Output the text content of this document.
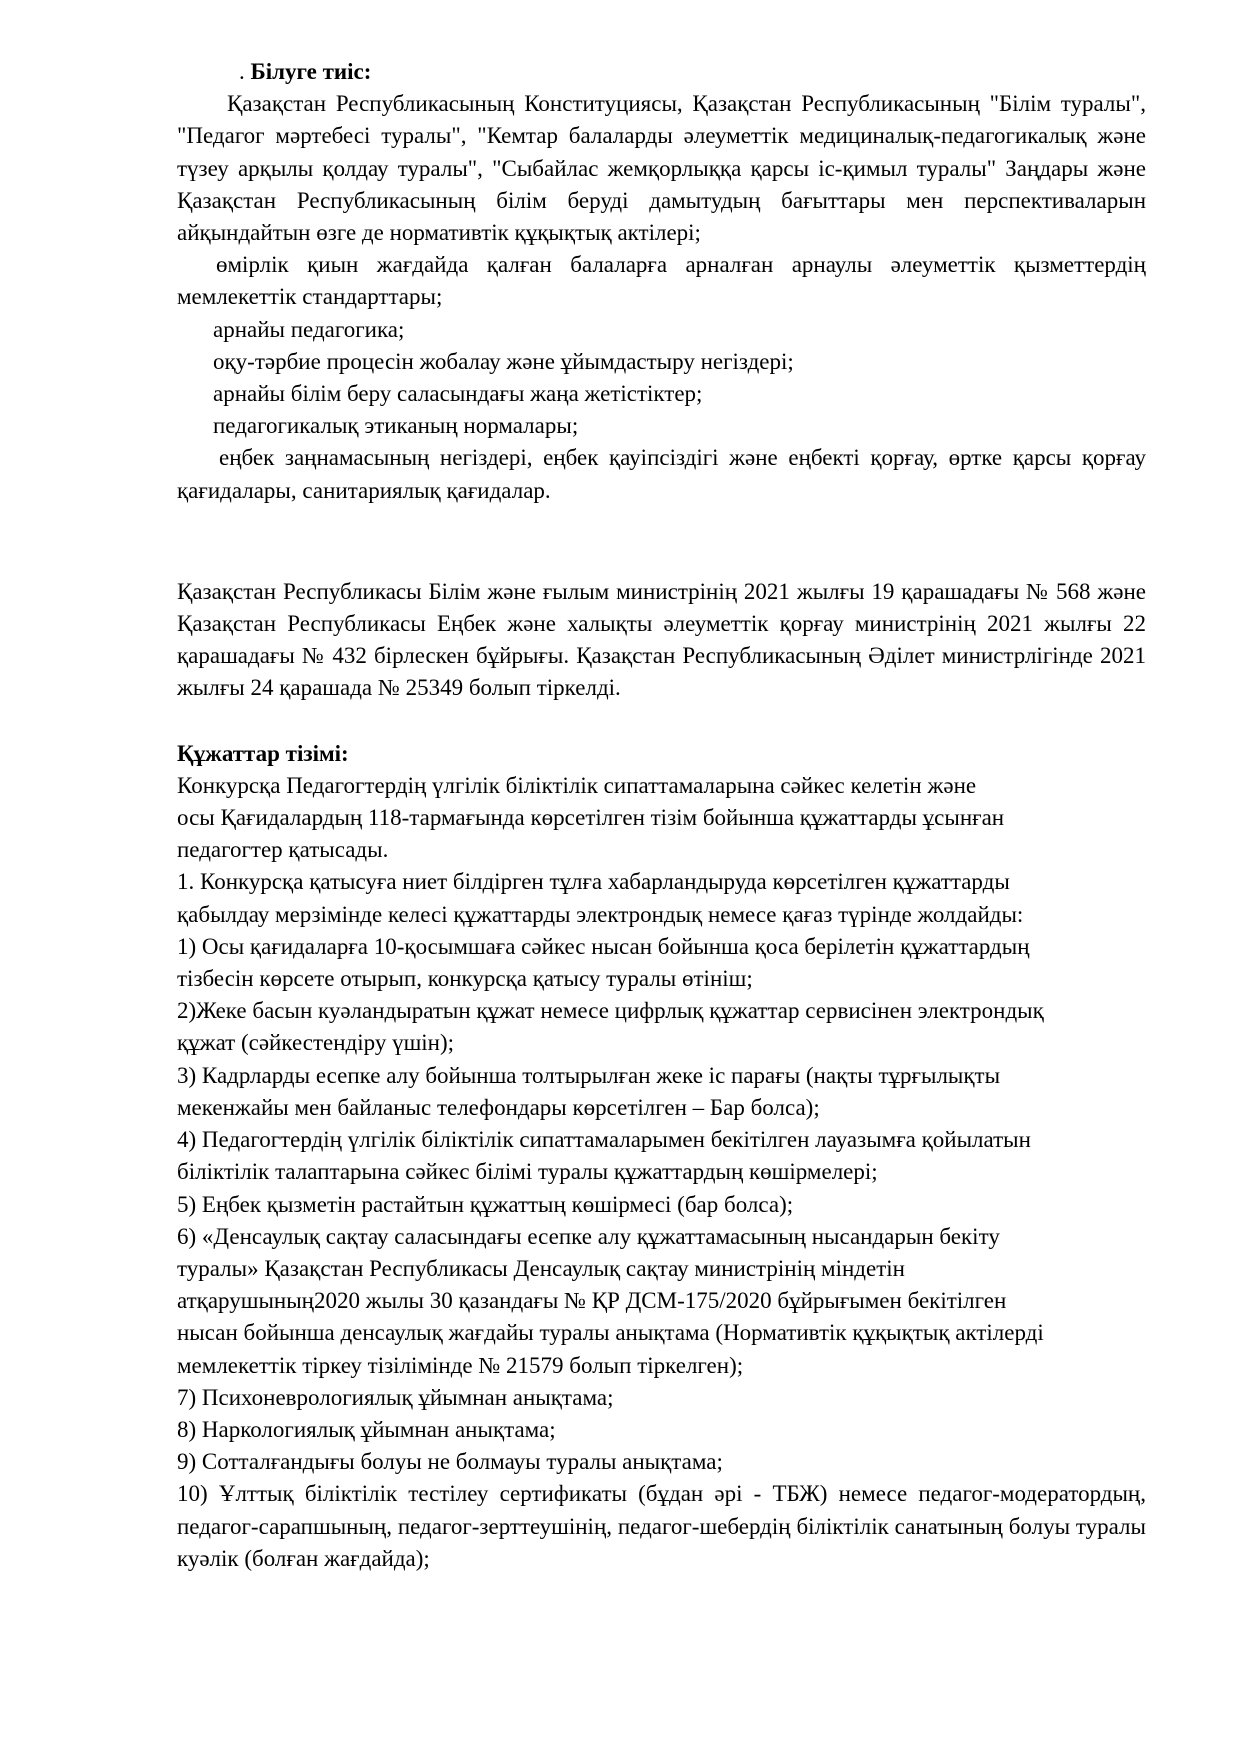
. Білуге тиіс:

Қазақстан Республикасының Конституциясы, Қазақстан Республикасының "Білім туралы", "Педагог мәртебесі туралы", "Кемтар балаларды әлеуметтік медициналық-педагогикалық және түзеу арқылы қолдау туралы", "Сыбайлас жемқорлыққа қарсы іс-қимыл туралы" Заңдары және Қазақстан Республикасының білім беруді дамытудың бағыттары мен перспективаларын айқындайтын өзге де нормативтік құқықтық актілері;

өмірлік қиын жағдайда қалған балаларға арналған арнаулы әлеуметтік қызметтердің мемлекеттік стандарттары;

арнайы педагогика;

оқу-тәрбие процесін жобалау және ұйымдастыру негіздері;

арнайы білім беру саласындағы жаңа жетістіктер;

педагогикалық этиканың нормалары;

еңбек заңнамасының негіздері, еңбек қауіпсіздігі және еңбекті қорғау, өртке қарсы қорғау қағидалары, санитариялық қағидалар.

Қазақстан Республикасы Білім және ғылым министрінің 2021 жылғы 19 қарашадағы № 568 және Қазақстан Республикасы Еңбек және халықты әлеуметтік қорғау министрінің 2021 жылғы 22 қарашадағы № 432 бірлескен бұйрығы. Қазақстан Республикасының Әділет министрлігінде 2021 жылғы 24 қарашада № 25349 болып тіркелді.

Құжаттар тізімі:

Конкурсқа Педагогтердің үлгілік біліктілік сипаттамаларына сәйкес келетін және

осы Қағидалардың 118-тармағында көрсетілген тізім бойынша құжаттарды ұсынған

педагогтер қатысады.

1. Конкурсқа қатысуға ниет білдірген тұлға хабарландыруда көрсетілген құжаттарды

қабылдау мерзімінде келесі құжаттарды электрондық немесе қағаз түрінде жолдайды:

1) Осы қағидаларға 10-қосымшаға сәйкес нысан бойынша қоса берілетін құжаттардың

тізбесін көрсете отырып, конкурсқа қатысу туралы өтініш;

2)Жеке басын куәландыратын құжат немесе цифрлық құжаттар сервисінен электрондық

құжат (сәйкестендіру үшін);

3) Кадрларды есепке алу бойынша толтырылған жеке іс парағы (нақты тұрғылықты

мекенжайы мен байланыс телефондары көрсетілген – Бар болса);

4) Педагогтердің үлгілік біліктілік сипаттамаларымен бекітілген лауазымға қойылатын

біліктілік талаптарына сәйкес білімі туралы құжаттардың көшірмелері;

5) Еңбек қызметін растайтын құжаттың көшірмесі (бар болса);

6) «Денсаулық сақтау саласындағы есепке алу құжаттамасының нысандарын бекіту

туралы» Қазақстан Республикасы Денсаулық сақтау министрінің міндетін

атқарушының2020 жылы 30 қазандағы № ҚР ДСМ-175/2020 бұйрығымен бекітілген

нысан бойынша денсаулық жағдайы туралы анықтама (Нормативтік құқықтық актілерді

мемлекеттік тіркеу тізілімінде № 21579 болып тіркелген);

7) Психоневрологиялық ұйымнан анықтама;

8) Наркологиялық ұйымнан анықтама;

9) Сотталғандығы болуы не болмауы туралы анықтама;

10) Ұлттық біліктілік тестілеу сертификаты (бұдан әрі - ТБЖ) немесе педагог-модератордың, педагог-сарапшының, педагог-зерттеушінің, педагог-шебердің біліктілік санатының болуы туралы куәлік (болған жағдайда);
